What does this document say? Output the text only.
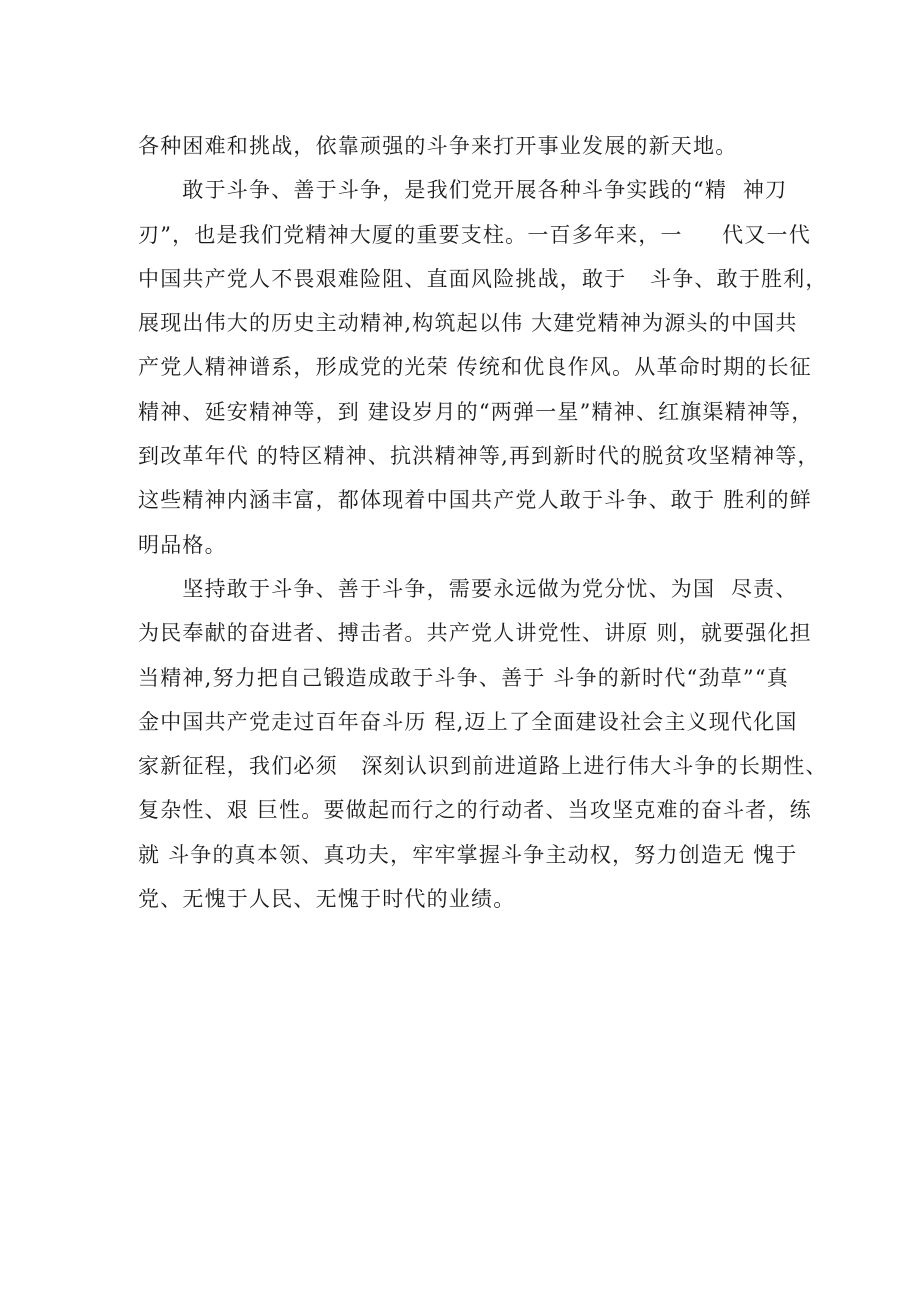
各种困难和挑战，依靠顽强的斗争来打开事业发展的新天地。
　　敢于斗争、善于斗争，是我们党开展各种斗争实践的“精  神刀
刃”，也是我们党精神大厦的重要支柱。一百多年来，一     代又一代
中国共产党人不畏艰难险阻、直面风险挑战，敢于   斗争、敢于胜利，
展现出伟大的历史主动精神,构筑起以伟 大建党精神为源头的中国共
产党人精神谱系，形成党的光荣 传统和优良作风。从革命时期的长征
精神、延安精神等，到 建设岁月的“两弹一星”精神、红旗渠精神等，
到改革年代 的特区精神、抗洪精神等,再到新时代的脱贫攻坚精神等，
这些精神内涵丰富，都体现着中国共产党人敢于斗争、敢于 胜利的鲜
明品格。
　　坚持敢于斗争、善于斗争，需要永远做为党分忧、为国  尽责、
为民奉献的奋进者、搏击者。共产党人讲党性、讲原 则，就要强化担
当精神,努力把自己锻造成敢于斗争、善于 斗争的新时代“劲草”“真
金中国共产党走过百年奋斗历 程,迈上了全面建设社会主义现代化国
家新征程，我们必须   深刻认识到前进道路上进行伟大斗争的长期性、
复杂性、艰 巨性。要做起而行之的行动者、当攻坚克难的奋斗者，练
就 斗争的真本领、真功夫，牢牢掌握斗争主动权，努力创造无 愧于
党、无愧于人民、无愧于时代的业绩。
